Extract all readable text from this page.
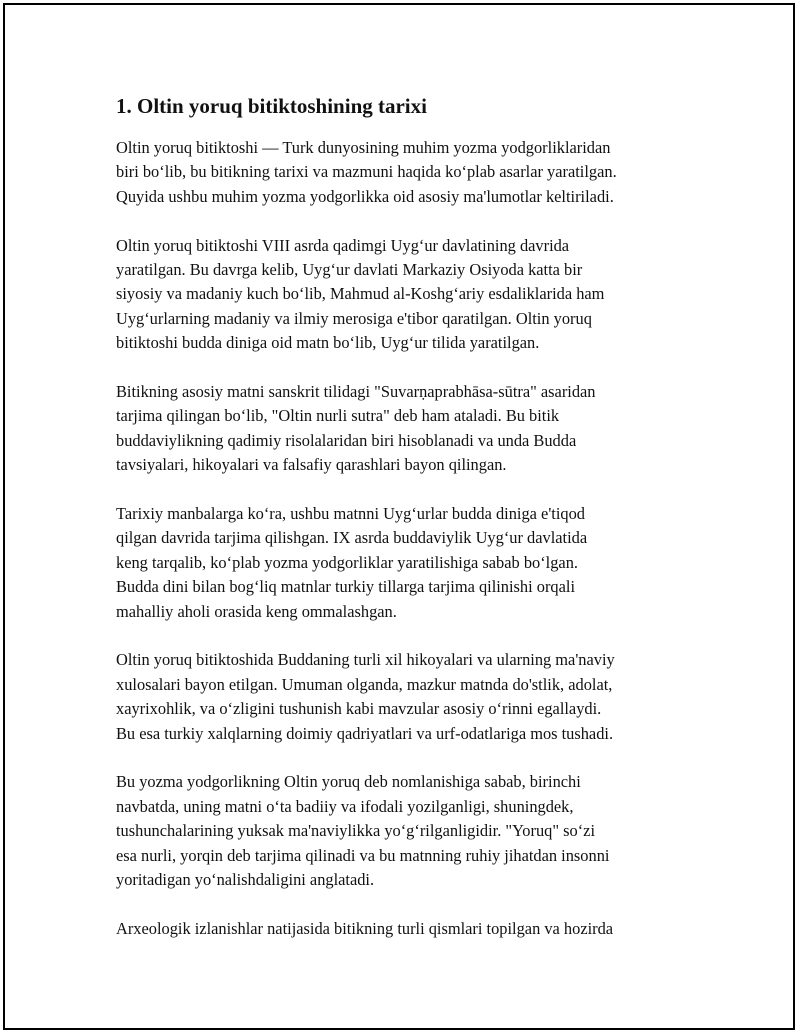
1. Oltin yoruq bitiktoshining tarixi
Oltin yoruq bitiktoshi — Turk dunyosining muhim yozma yodgorliklaridan
biri bo‘lib, bu bitikning tarixi va mazmuni haqida ko‘plab asarlar yaratilgan.
Quyida ushbu muhim yozma yodgorlikka oid asosiy ma'lumotlar keltiriladi.
Oltin yoruq bitiktoshi VIII asrda qadimgi Uyg‘ur davlatining davrida
yaratilgan. Bu davrga kelib, Uyg‘ur davlati Markaziy Osiyoda katta bir
siyosiy va madaniy kuch bo‘lib, Mahmud al-Koshg‘ariy esdaliklarida ham
Uyg‘urlarning madaniy va ilmiy merosiga e'tibor qaratilgan. Oltin yoruq
bitiktoshi budda diniga oid matn bo‘lib, Uyg‘ur tilida yaratilgan.
Bitikning asosiy matni sanskrit tilidagi "Suvarṇaprabhāsa-sūtra" asaridan
tarjima qilingan bo‘lib, "Oltin nurli sutra" deb ham ataladi. Bu bitik
buddaviylikning qadimiy risolalaridan biri hisoblanadi va unda Budda
tavsiyalari, hikoyalari va falsafiy qarashlari bayon qilingan.
Tarixiy manbalarga ko‘ra, ushbu matnni Uyg‘urlar budda diniga e'tiqod
qilgan davrida tarjima qilishgan. IX asrda buddaviylik Uyg‘ur davlatida
keng tarqalib, ko‘plab yozma yodgorliklar yaratilishiga sabab bo‘lgan.
Budda dini bilan bog‘liq matnlar turkiy tillarga tarjima qilinishi orqali
mahalliy aholi orasida keng ommalashgan.
Oltin yoruq bitiktoshida Buddaning turli xil hikoyalari va ularning ma'naviy
xulosalari bayon etilgan. Umuman olganda, mazkur matnda do'stlik, adolat,
xayrixohlik, va o‘zligini tushunish kabi mavzular asosiy o‘rinni egallaydi.
Bu esa turkiy xalqlarning doimiy qadriyatlari va urf-odatlariga mos tushadi.
Bu yozma yodgorlikning Oltin yoruq deb nomlanishiga sabab, birinchi
navbatda, uning matni o‘ta badiiy va ifodali yozilganligi, shuningdek,
tushunchalarining yuksak ma'naviylikka yo‘g‘rilganligidir. "Yoruq" so‘zi
esa nurli, yorqin deb tarjima qilinadi va bu matnning ruhiy jihatdan insonni
yoritadigan yo‘nalishdaligini anglatadi.
Arxeologik izlanishlar natijasida bitikning turli qismlari topilgan va hozirda
